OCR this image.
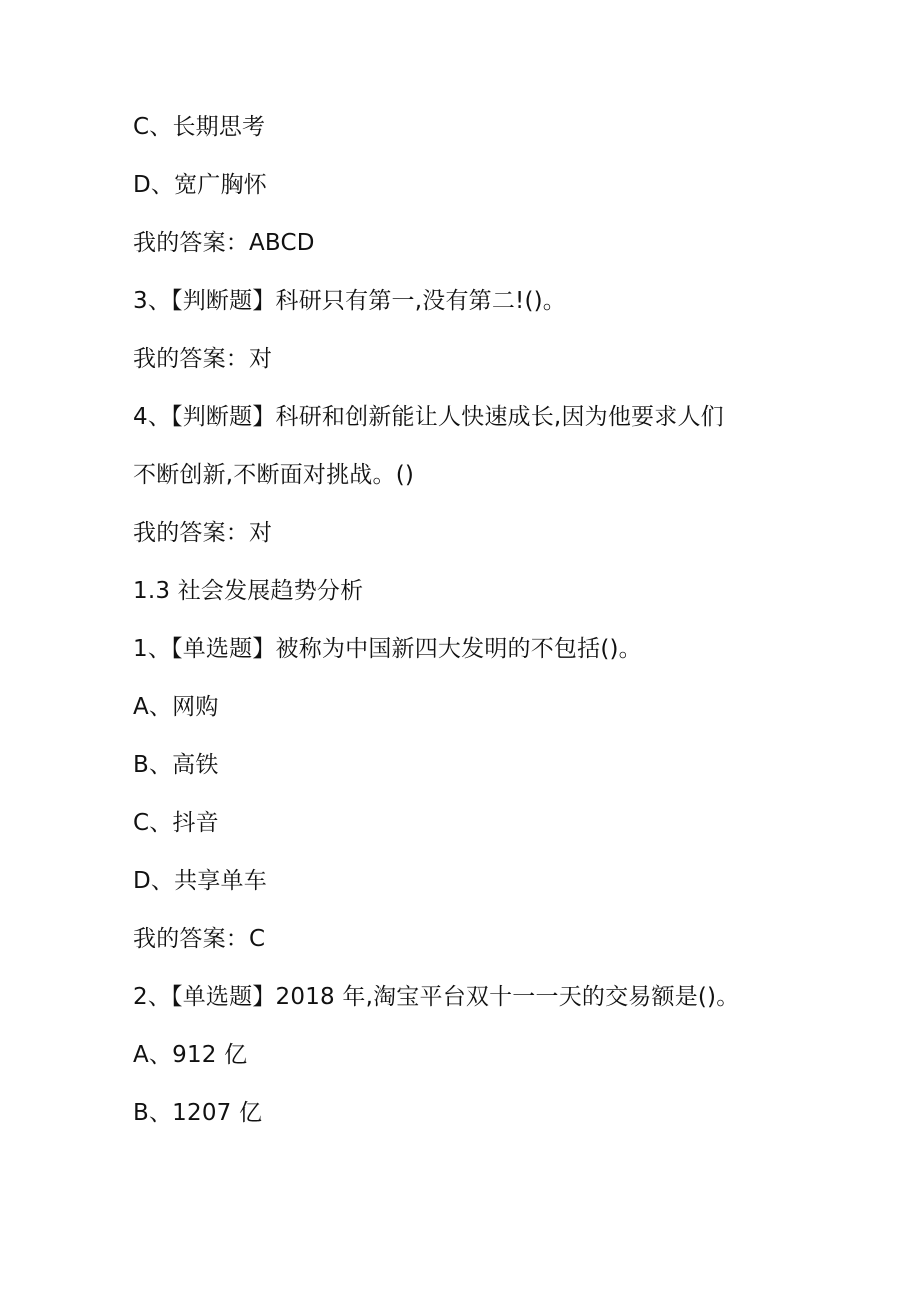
C、长期思考
D、宽广胸怀
我的答案：ABCD
3、【判断题】科研只有第一,没有第二!()。
我的答案：对
4、【判断题】科研和创新能让人快速成长,因为他要求人们
不断创新,不断面对挑战。()
我的答案：对
1.3 社会发展趋势分析
1、【单选题】被称为中国新四大发明的不包括()。
A、网购
B、高铁
C、抖音
D、共享单车
我的答案：C
2、【单选题】2018 年,淘宝平台双十一一天的交易额是()。
A、912 亿
B、1207 亿
